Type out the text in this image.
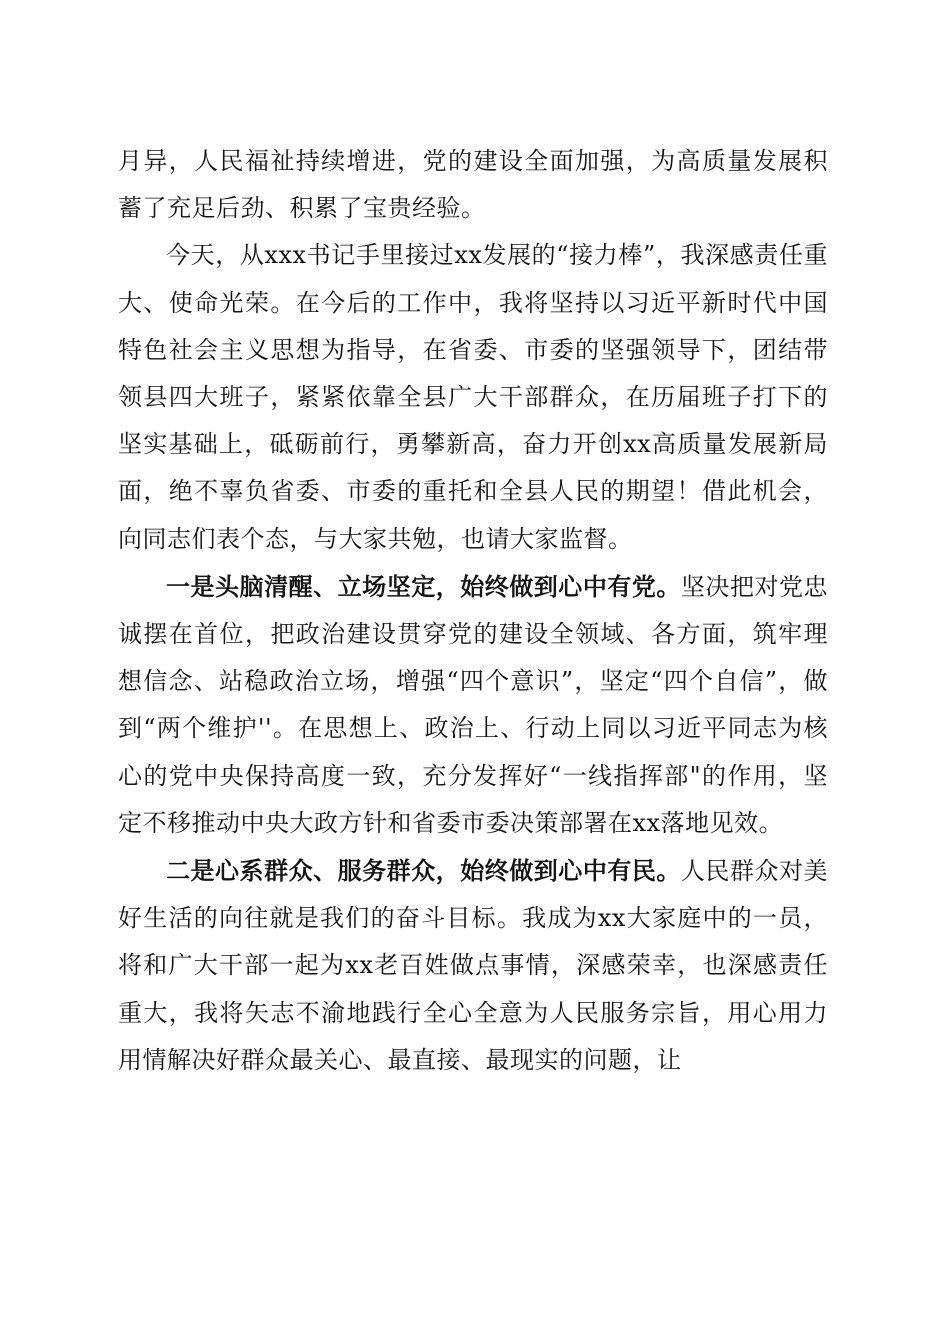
月异，人民福祉持续增进，党的建设全面加强，为高质量发展积蓄了充足后劲、积累了宝贵经验。

今天，从xxx书记手里接过xx发展的“接力棒”，我深感责任重大、使命光荣。在今后的工作中，我将坚持以习近平新时代中国特色社会主义思想为指导，在省委、市委的坚强领导下，团结带领县四大班子，紧紧依靠全县广大干部群众，在历届班子打下的坚实基础上，砥砺前行，勇攀新高，奋力开创xx高质量发展新局面，绝不辜负省委、市委的重托和全县人民的期望！借此机会，向同志们表个态，与大家共勉，也请大家监督。

一是头脑清醒、立场坚定，始终做到心中有党。坚决把对党忠诚摆在首位，把政治建设贯穿党的建设全领域、各方面，筑牢理想信念、站稳政治立场，增强“四个意识”，坚定“四个自信”，做到“两个维护''。在思想上、政治上、行动上同以习近平同志为核心的党中央保持高度一致，充分发挥好“一线指挥部"的作用，坚定不移推动中央大政方针和省委市委决策部署在xx落地见效。

二是心系群众、服务群众，始终做到心中有民。人民群众对美好生活的向往就是我们的奋斗目标。我成为xx大家庭中的一员，将和广大干部一起为xx老百姓做点事情，深感荣幸，也深感责任重大，我将矢志不渝地践行全心全意为人民服务宗旨，用心用力用情解决好群众最关心、最直接、最现实的问题，让
